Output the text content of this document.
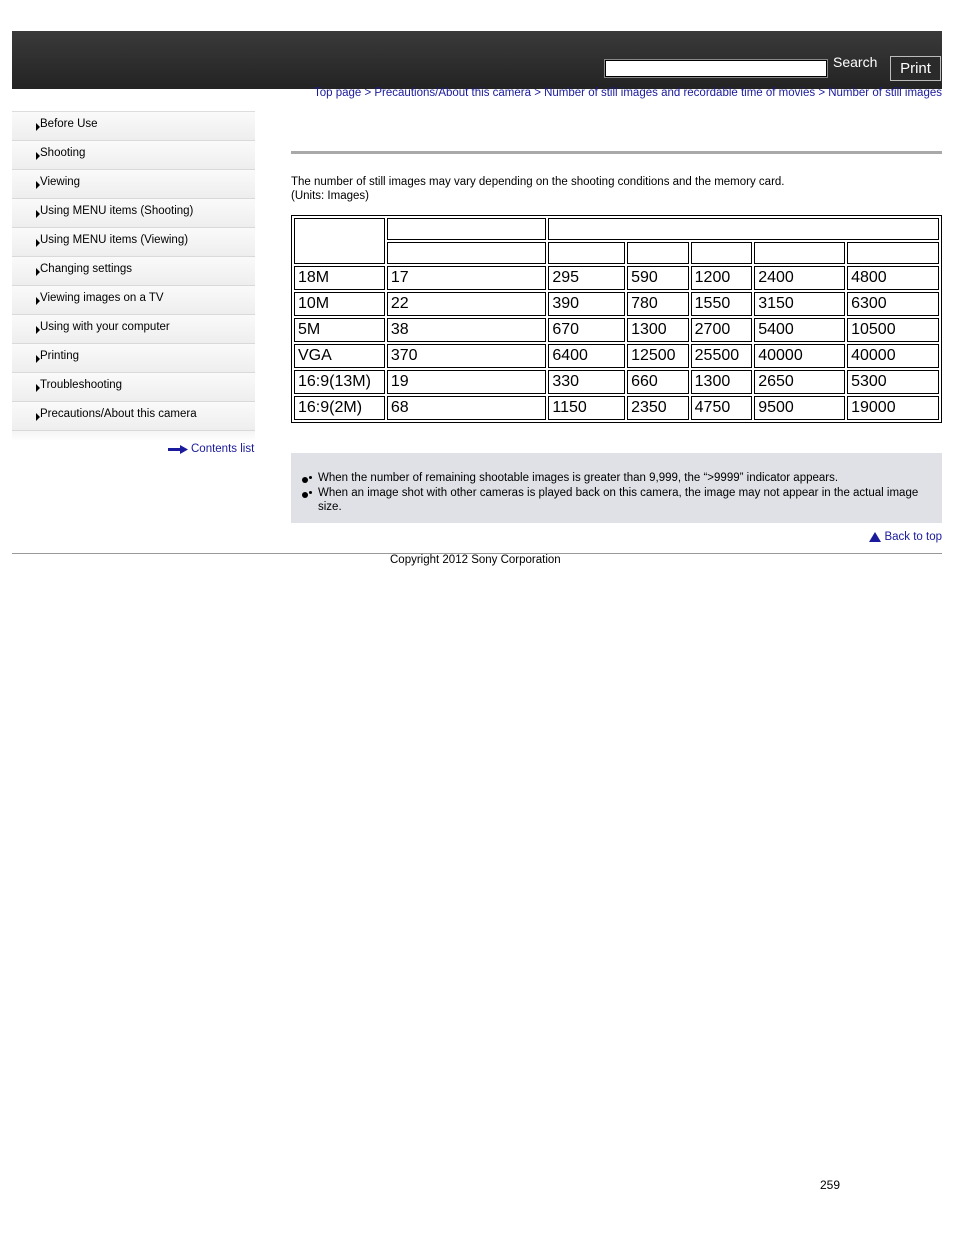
Search	Print
Top page > Precautions/About this camera > Number of still images and recordable time of movies > Number of still images
Before Use
Shooting
Viewing
Using MENU items (Shooting)
Using MENU items (Viewing)
Changing settings
Viewing images on a TV
Using with your computer
Printing
Troubleshooting
Precautions/About this camera
Contents list
The number of still images may vary depending on the shooting conditions and the memory card.
(Units: Images)

18M	17	295	590	1200	2400	4800
10M	22	390	780	1550	3150	6300
5M	38	670	1300	2700	5400	10500
VGA	370	6400	12500	25500	40000	40000
16:9(13M)	19	330	660	1300	2650	5300
16:9(2M)	68	1150	2350	4750	9500	19000
When the number of remaining shootable images is greater than 9,999, the “>9999” indicator appears.
When an image shot with other cameras is played back on this camera, the image may not appear in the actual image size.
Back to top
Copyright 2012 Sony Corporation
259
